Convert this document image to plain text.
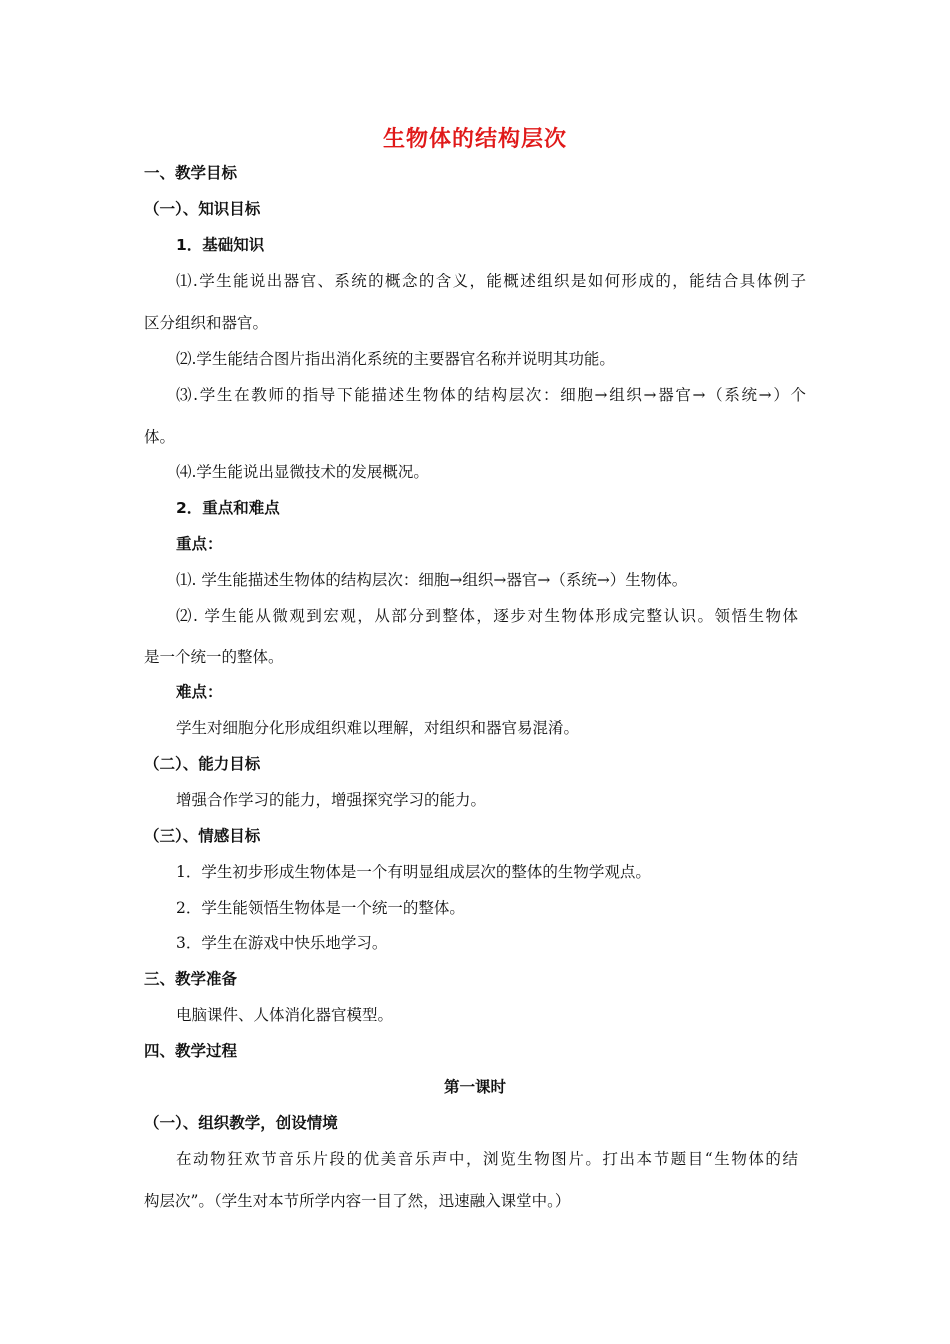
生物体的结构层次
一、教学目标
（一）、知识目标
1．基础知识
⑴.学生能说出器官、系统的概念的含义，能概述组织是如何形成的，能结合具体例子
区分组织和器官。
⑵.学生能结合图片指出消化系统的主要器官名称并说明其功能。
⑶.学生在教师的指导下能描述生物体的结构层次：细胞→组织→器官→（系统→）个
体。
⑷.学生能说出显微技术的发展概况。
2．重点和难点
重点：
⑴. 学生能描述生物体的结构层次：细胞→组织→器官→（系统→）生物体。
⑵. 学生能从微观到宏观，从部分到整体，逐步对生物体形成完整认识。领悟生物体
是一个统一的整体。
难点：
学生对细胞分化形成组织难以理解，对组织和器官易混淆。
（二）、能力目标
增强合作学习的能力，增强探究学习的能力。
（三）、情感目标
1．学生初步形成生物体是一个有明显组成层次的整体的生物学观点。
2．学生能领悟生物体是一个统一的整体。
3．学生在游戏中快乐地学习。
三、教学准备
电脑课件、人体消化器官模型。
四、教学过程
第一课时
（一）、组织教学，创设情境
在动物狂欢节音乐片段的优美音乐声中，浏览生物图片。打出本节题目“生物体的结
构层次”。（学生对本节所学内容一目了然，迅速融入课堂中。）
